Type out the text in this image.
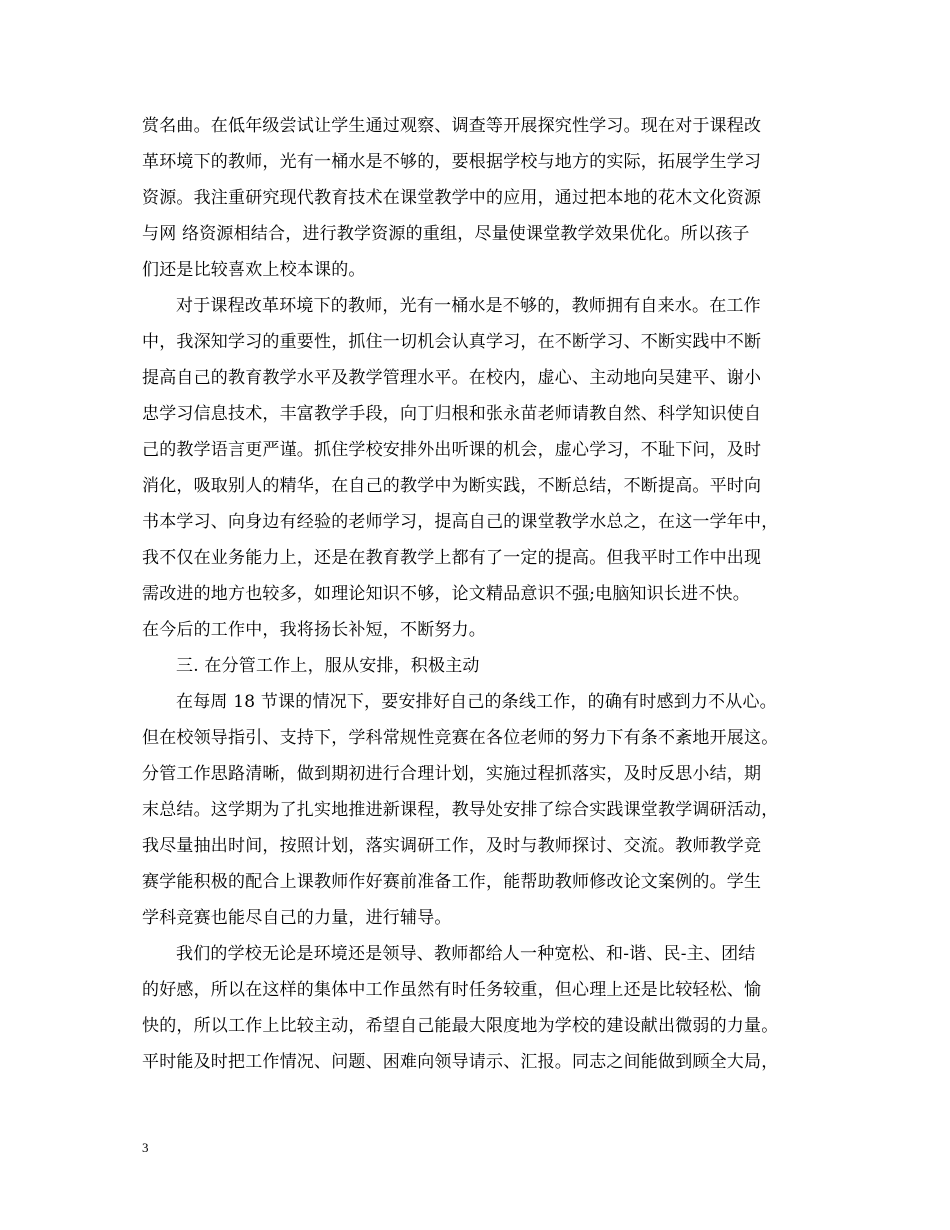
赏名曲。在低年级尝试让学生通过观察、调查等开展探究性学习。现在对于课程改
革环境下的教师，光有一桶水是不够的，要根据学校与地方的实际，拓展学生学习
资源。我注重研究现代教育技术在课堂教学中的应用，通过把本地的花木文化资源
与网 络资源相结合，进行教学资源的重组，尽量使课堂教学效果优化。所以孩子
们还是比较喜欢上校本课的。
对于课程改革环境下的教师，光有一桶水是不够的，教师拥有自来水。在工作
中，我深知学习的重要性，抓住一切机会认真学习，在不断学习、不断实践中不断
提高自己的教育教学水平及教学管理水平。在校内，虚心、主动地向吴建平、谢小
忠学习信息技术，丰富教学手段，向丁归根和张永苗老师请教自然、科学知识使自
己的教学语言更严谨。抓住学校安排外出听课的机会，虚心学习，不耻下问，及时
消化，吸取别人的精华，在自己的教学中为断实践，不断总结，不断提高。平时向
书本学习、向身边有经验的老师学习，提高自己的课堂教学水总之，在这一学年中，
我不仅在业务能力上，还是在教育教学上都有了一定的提高。但我平时工作中出现
需改进的地方也较多，如理论知识不够，论文精品意识不强;电脑知识长进不快。
在今后的工作中，我将扬长补短，不断努力。
三. 在分管工作上，服从安排，积极主动
在每周 18 节课的情况下，要安排好自己的条线工作，的确有时感到力不从心。
但在校领导指引、支持下，学科常规性竞赛在各位老师的努力下有条不紊地开展这。
分管工作思路清晰，做到期初进行合理计划，实施过程抓落实，及时反思小结，期
末总结。这学期为了扎实地推进新课程，教导处安排了综合实践课堂教学调研活动，
我尽量抽出时间，按照计划，落实调研工作，及时与教师探讨、交流。教师教学竞
赛学能积极的配合上课教师作好赛前准备工作，能帮助教师修改论文案例的。学生
学科竞赛也能尽自己的力量，进行辅导。
我们的学校无论是环境还是领导、教师都给人一种宽松、和-谐、民-主、团结
的好感，所以在这样的集体中工作虽然有时任务较重，但心理上还是比较轻松、愉
快的，所以工作上比较主动，希望自己能最大限度地为学校的建设献出微弱的力量。
平时能及时把工作情况、问题、困难向领导请示、汇报。同志之间能做到顾全大局，
3
